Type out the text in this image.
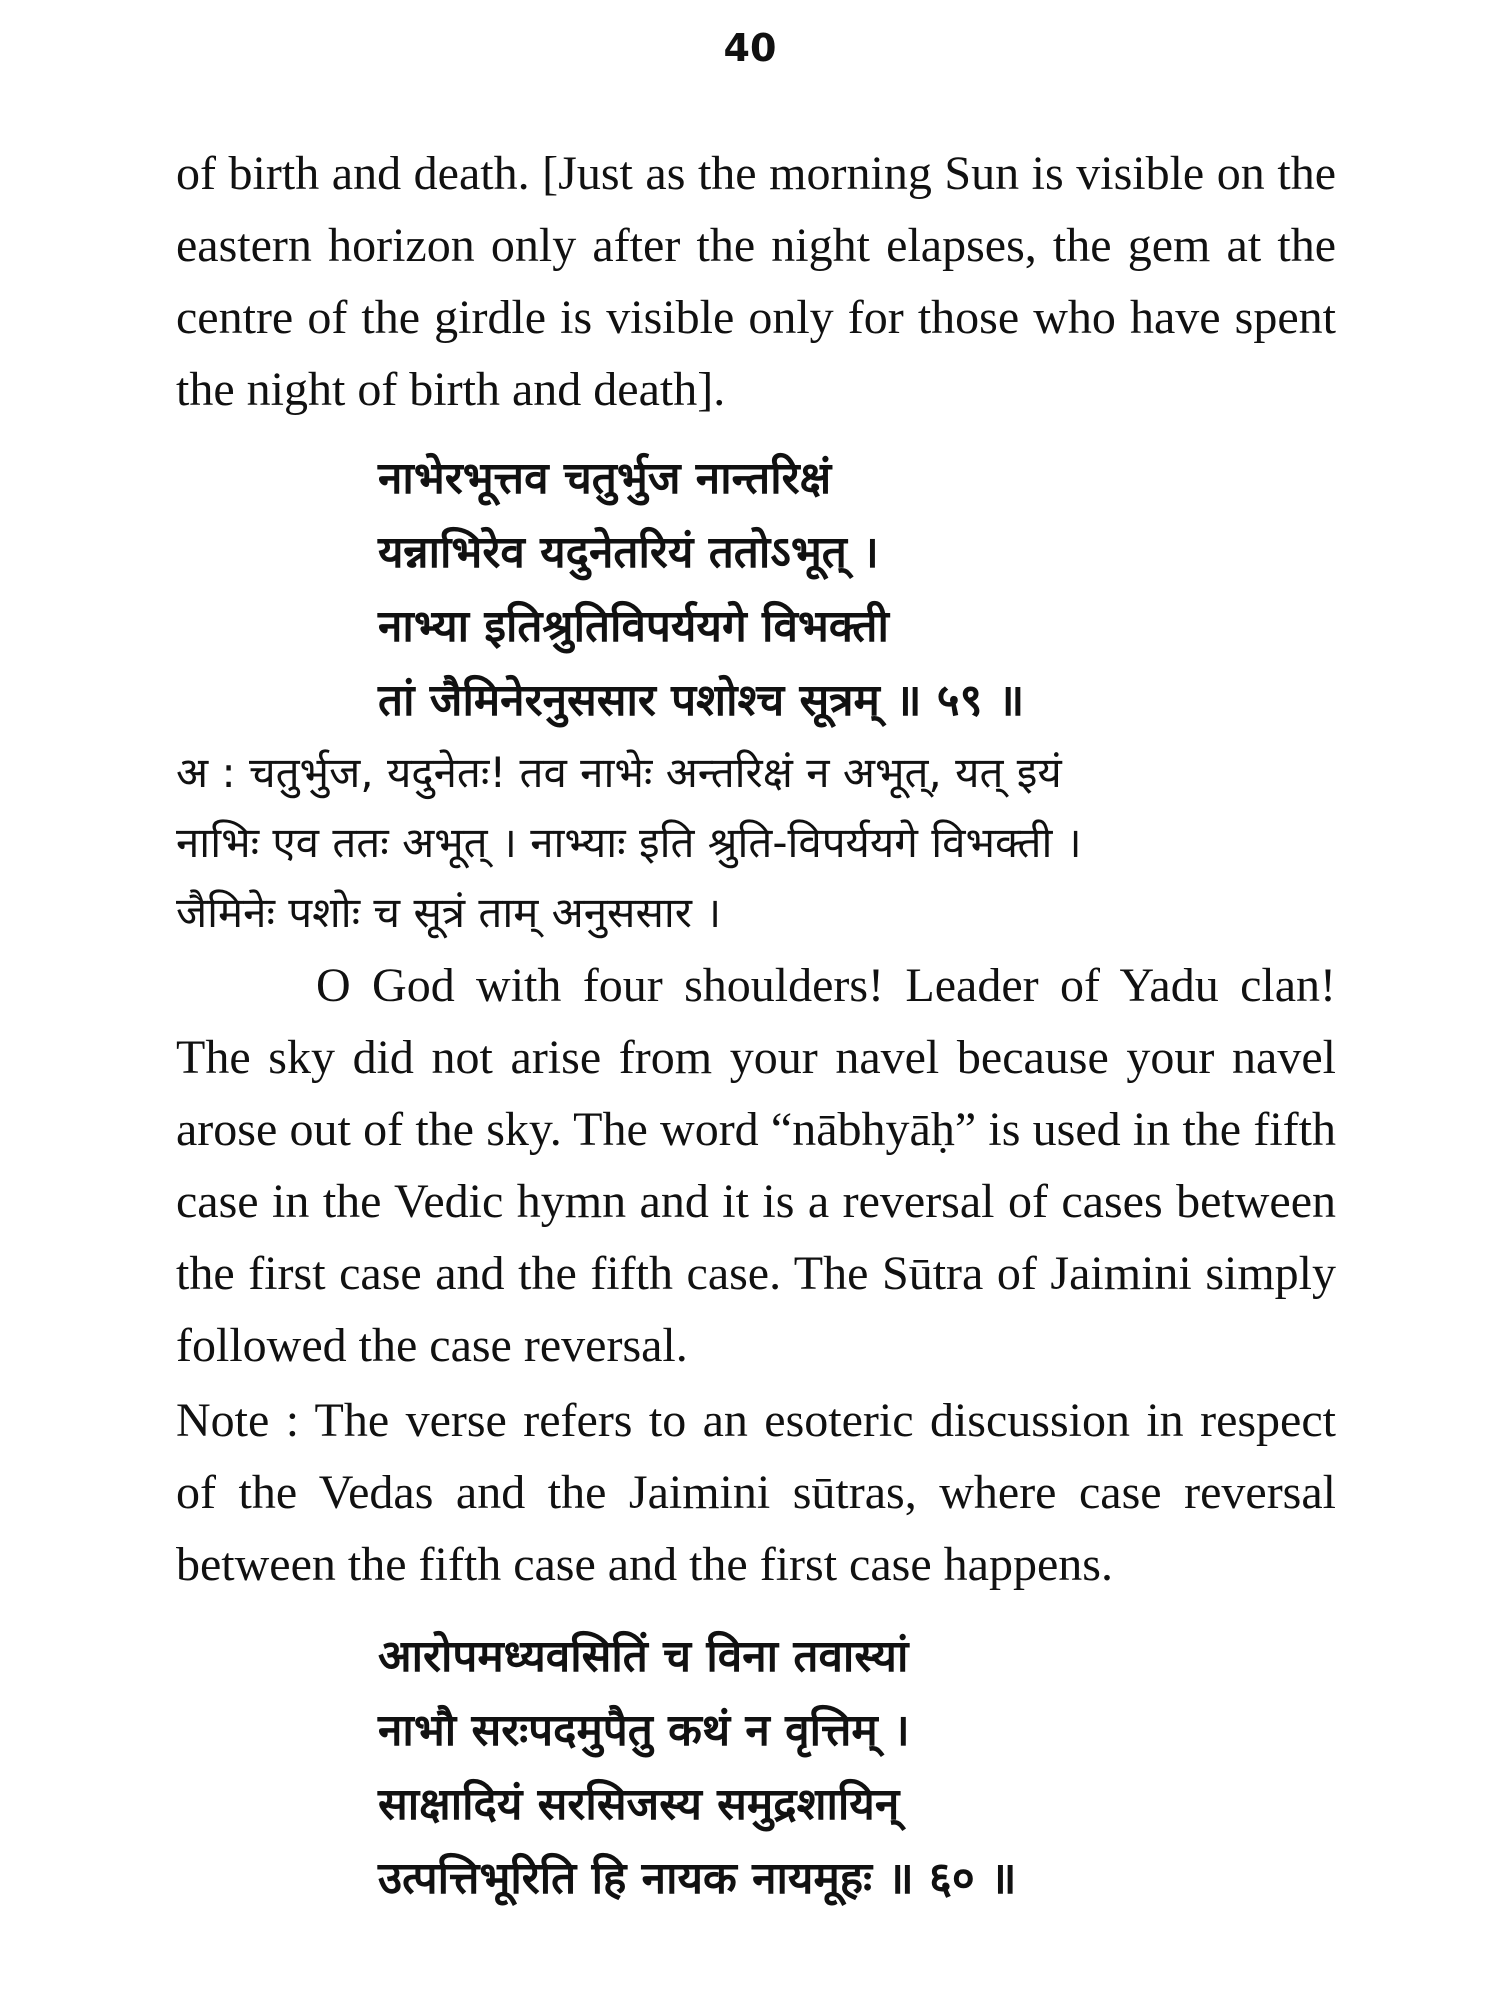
40

of birth and death. [Just as the morning Sun is visible on the eastern horizon only after the night elapses, the gem at the centre of the girdle is visible only for those who have spent the night of birth and death].

नाभेरभूत्तव चतुर्भुज नान्तरिक्षं
यन्नाभिरेव यदुनेतरियं ततोऽभूत् ।
नाभ्या इतिश्रुतिविपर्ययगे विभक्ती
तां जैमिनेरनुससार पशोश्च सूत्रम् ॥ ५९ ॥
अ : चतुर्भुज, यदुनेतः! तव नाभेः अन्तरिक्षं न अभूत्, यत् इयं
नाभिः एव ततः अभूत् । नाभ्याः इति श्रुति-विपर्ययगे विभक्ती ।
जैमिनेः पशोः च सूत्रं ताम् अनुससार ।

O God with four shoulders! Leader of Yadu clan! The sky did not arise from your navel because your navel arose out of the sky. The word “nābhyāḥ” is used in the fifth case in the Vedic hymn and it is a reversal of cases between the first case and the fifth case. The Sūtra of Jaimini simply followed the case reversal.

Note : The verse refers to an esoteric discussion in respect of the Vedas and the Jaimini sūtras, where case reversal between the fifth case and the first case happens.

आरोपमध्यवसितिं च विना तवास्यां
नाभौ सरःपदमुपैतु कथं न वृत्तिम् ।
साक्षादियं सरसिजस्य समुद्रशायिन्
उत्पत्तिभूरिति हि नायक नायमूहः ॥ ६० ॥
